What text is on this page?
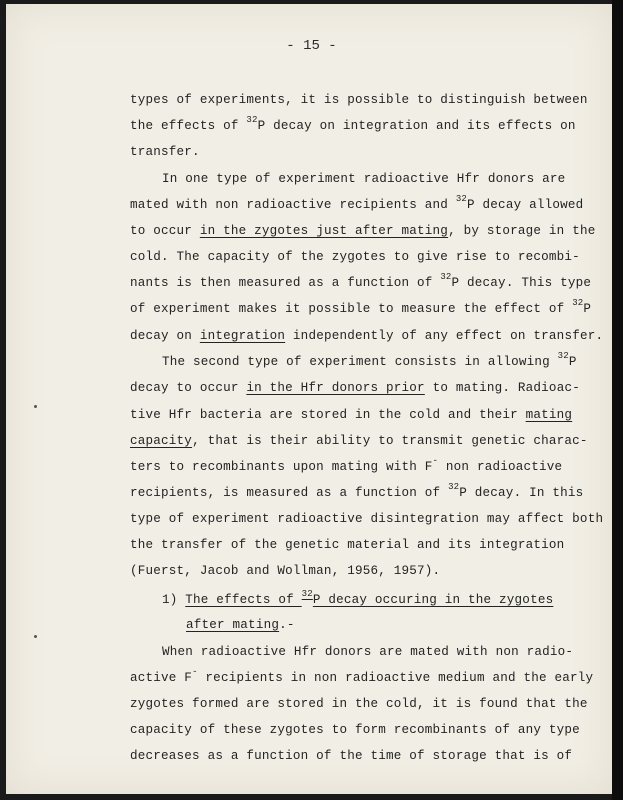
- 15 -
types of experiments, it is possible to distinguish between
the effects of $^{32}$P decay on integration and its effects on
transfer.
In one type of experiment radioactive Hfr donors are
mated with non radioactive recipients and $^{32}$P decay allowed
to occur in the zygotes just after mating, by storage in the
cold. The capacity of the zygotes to give rise to recombi-
nants is then measured as a function of $^{32}$P decay. This type
of experiment makes it possible to measure the effect of $^{32}$P
decay on integration independently of any effect on transfer.
The second type of experiment consists in allowing $^{32}$P
decay to occur in the Hfr donors prior to mating. Radioac-
tive Hfr bacteria are stored in the cold and their mating
capacity, that is their ability to transmit genetic charac-
ters to recombinants upon mating with F- non radioactive
recipients, is measured as a function of $^{32}$P decay. In this
type of experiment radioactive disintegration may affect both
the transfer of the genetic material and its integration
(Fuerst, Jacob and Wollman, 1956, 1957).
1) The effects of $^{32}$P decay occuring in the zygotes
after mating.-
When radioactive Hfr donors are mated with non radio-
active F- recipients in non radioactive medium and the early
zygotes formed are stored in the cold, it is found that the
capacity of these zygotes to form recombinants of any type
decreases as a function of the time of storage that is of
